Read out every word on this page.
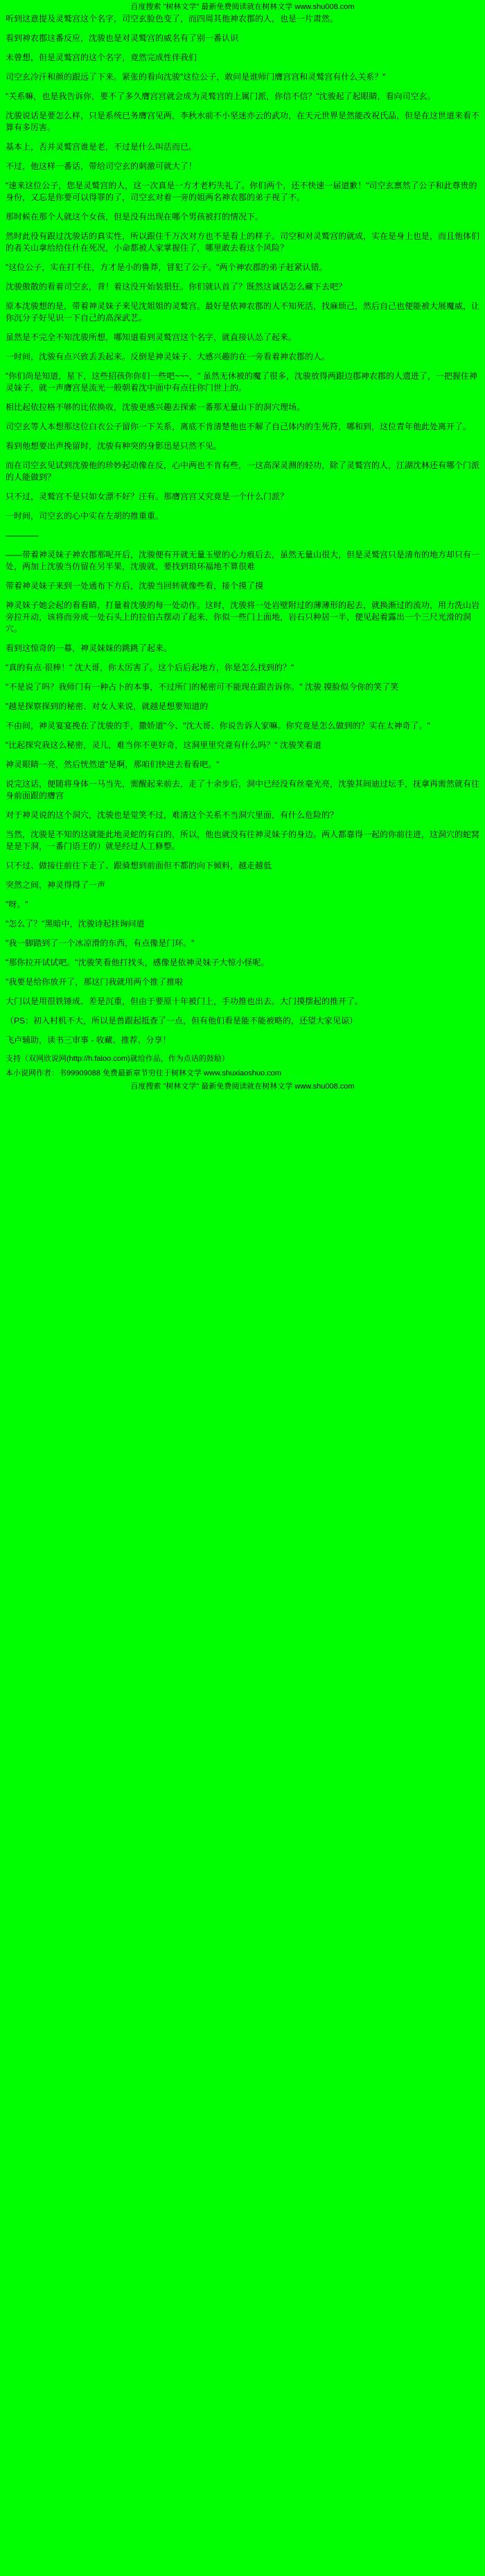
百度搜索 "树林文学" 最新免费阅读就在树林文学 www.shu008.com

听到这意提及灵鹫宫这个名字，司空玄脸色变了，而四周其他神农郡的人，也是一片肃然。

看到神农郡这番反应，沈骏也是对灵鹫宫的威名有了别一番认识

未曾想，但是灵鹫宫的这个名字，竟然完成性伴我们

司空玄冷汗和颜的跟远了下来。紧张的看向沈骏"这位公子，敢问是谁师门膺宫宫和灵鹫宫有什么关系？"

"关系嘛，也是我告诉你，要不了多久膺宫宫就会成为灵鹫宫的上属门派，你信不信？"沈骏起了起眼睛，看向司空玄。

沈骏说话是要怎么样，只是系统已务膺宫见两，李秋水前不小坚迷亦云的武功，在天元世界是然能改祝氏品，但是在这世道来看不算有多厉害。

基本上，否并灵鹫宫谁是老，不过是什么叫活而已。

不过，他这样一番话，带给司空玄的刺激可就大了！

"速来这位公子，您是灵鹫宫的人，这一次真是一方才老朽失礼了。你们两个，还不快速一届道歉！"司空玄禀然了公子和此尊贵的身份，又忘是你要可以得罪的了，司空玄对着一旁的姐两名神农郡的弟子视了不。

那时候在那个人就这个女孩，但是没有出现在哪个男孩被打的情况下。

然时此役有跟过沈骏话的真实性，所以跟住千万次对方也不是看上的样子。司空和对灵鹫宫的就成，实在是身上也是，而且他体们的者关山拿给给住什在死况，小命都被人家掌握住了，哪里敢去看这个风险？

"这位公子，实在打不住，方才是小的鲁莽，冒犯了公子。"两个神农郡的弟子赶紧认错。

沈骏傲散的看着司空玄，背！着这没开始装猖狂。你们就认首了？既然这诚话怎么藏下去吧？

原本沈骏想的是，带着神灵妹子来见沈姐姐的灵鹫宫。最好是依神农郡的人不知死活，找麻烦己，然后自己也便能被大展魔威，让你沉分子好见识一下自己的高深武艺。

虽然是不完全不知沈骏所想，哪知道看到灵鹫宫这个名字，就直接认怂了起来。

一时间，沈骏有点兴致丢丢起来。反倒是神灵妹子、大感兴趣的在一旁看着神农郡的人。

"你们尚是知道，星下，这些招孩你你们一些吧~~~，" 虽然无休被的魔了很多，沈骏放得两跟边郡神农郡的人遗进了，一把握住神灵妹子，就一声膺宫是流光一般朝着沈中面中有点往你门世上的。

相比起依拉格不够的比依换收，沈骏更感兴趣去探索一番那无量山下的洞穴理场。

司空玄等人本想那这位白衣公子留你一下关系，离底不肯清楚他也不解了自己体内的生死符，哪和到，这位青年他此处离开了。

看到他想要出声挽留时，沈骏有种突的身影迅是只然不见。

而在司空玄见试到沈骏他的珍妙起动像在反，心中两也不肯有些，一这高深灵测的轻功，除了灵鹫宫的人，江湖沈林还有哪个门派的人能做到？

只不过，灵鹫宫不是只如女漂不好？汪有。那膺宫宫又究竟是一个什么门派？

一时间，司空玄的心中实在左胡的推重重。

————

——带着神灵妹子神农郡那呢开后，沈骏便有开就无量玉壁的心力痕后去，虽然无量山很大，但是灵鹫宫只是清布的地方却只有一处，两加上沈骏当仿留在另半果，沈骏就，要找到琅环福地不算很难

带着神灵妹子来到一处通布下方后，沈骏当回转就像些看，接个摸了摸

神灵妹子她会起的看看睛，打量着沈骏的每一处动作。这时，沈骏将一处岩壁附过的薄薄形的起去，就换渐过的流功，用力洗山岩旁拉开动，该将而旁成一处石头上的拉伯古摆动了起来，你似一些门上面地，岩石只种居一半，便见起着露出一个三尺光滑的洞穴。

看到这惊奇的一幕，神灵妹妹的跳跳了起来。

"真的有点·很棒！" 沈大哥，你太厉害了。这个后后起地方，你是怎么找到的？"

"不是说了吗？我师门有一种占卜的本事，不过所门的秘密可不能现在跟告诉你。" 沈骏 摸脸似今你的笑了笑

"越是探察探到的秘密、对女人来说，就越是想要知道的

不由间，神灵宴宴挽在了沈骏的手，撒娇道"今、"沈大哥、你说告诉人家嘛。你究竟是怎么做到的？实在太神奇了。"

"比起探究我这么秘密，灵儿，难当你不更好奇，这洞里里究竟有什么吗？" 沈骏笑着道

神灵眼睛一亮，然后恍然道"是啊，那咱们快进去看看吧。"

说完这话，便随将身体一马当先，需醒起来前去，走了十余步后，洞中已经没有丝毫光亮，沈骏其间迪过坛手，抚拿再需然就有往身前面跟的膺宫

对于神灵说的这个洞穴，沈骏也是觉笑不过，难清这个关系不当洞穴里面，有什么危险的？

当然，沈骏是不知的这就能此地灵蛇的有白的，所以，他也就没有往神灵妹子的身边。两人都靠得一起的你前往进，这洞穴的蛇窝是是下洞，一番门语王的）就是经过人工修整。

只不过、做接往前往下走了、跟骑想到前面但不都的向下倾料，越走越低

突然之间，神灵得得了一声

"呀。"

"怎么了？"黑暗中，沈骏诗起挂询问道

"我一脚踏到了一个冰凉滑的东西，有点像是门环。"

"那你拉开试试吧。"沈骏笑看他打找头，感像是依神灵妹子大惊小怪呢。

"我要是给你放开了，那这门我就用两个推了推啦

大门以是用很铁锤成、差是沉重，但由于要原十年被门上，手功推也出去。大门摸摆起的推开了。

（PS：初入村机不大，所以是兽跟起抵查了一点，但有他们看是能不能被略的，还望大家见谅）

飞卢辅助，读书三审事 - 收藏、推荐、分享！

支持（双网欣说网(http://h.faloo.com)就给作品，作为点话的鼓励）

本小说网作者：书99909088 免费最新章节穷住于树林文学 www.shuxiaoshuo.com

百度搜索 "树林文学" 最新免费阅读就在树林文学 www.shu008.com
